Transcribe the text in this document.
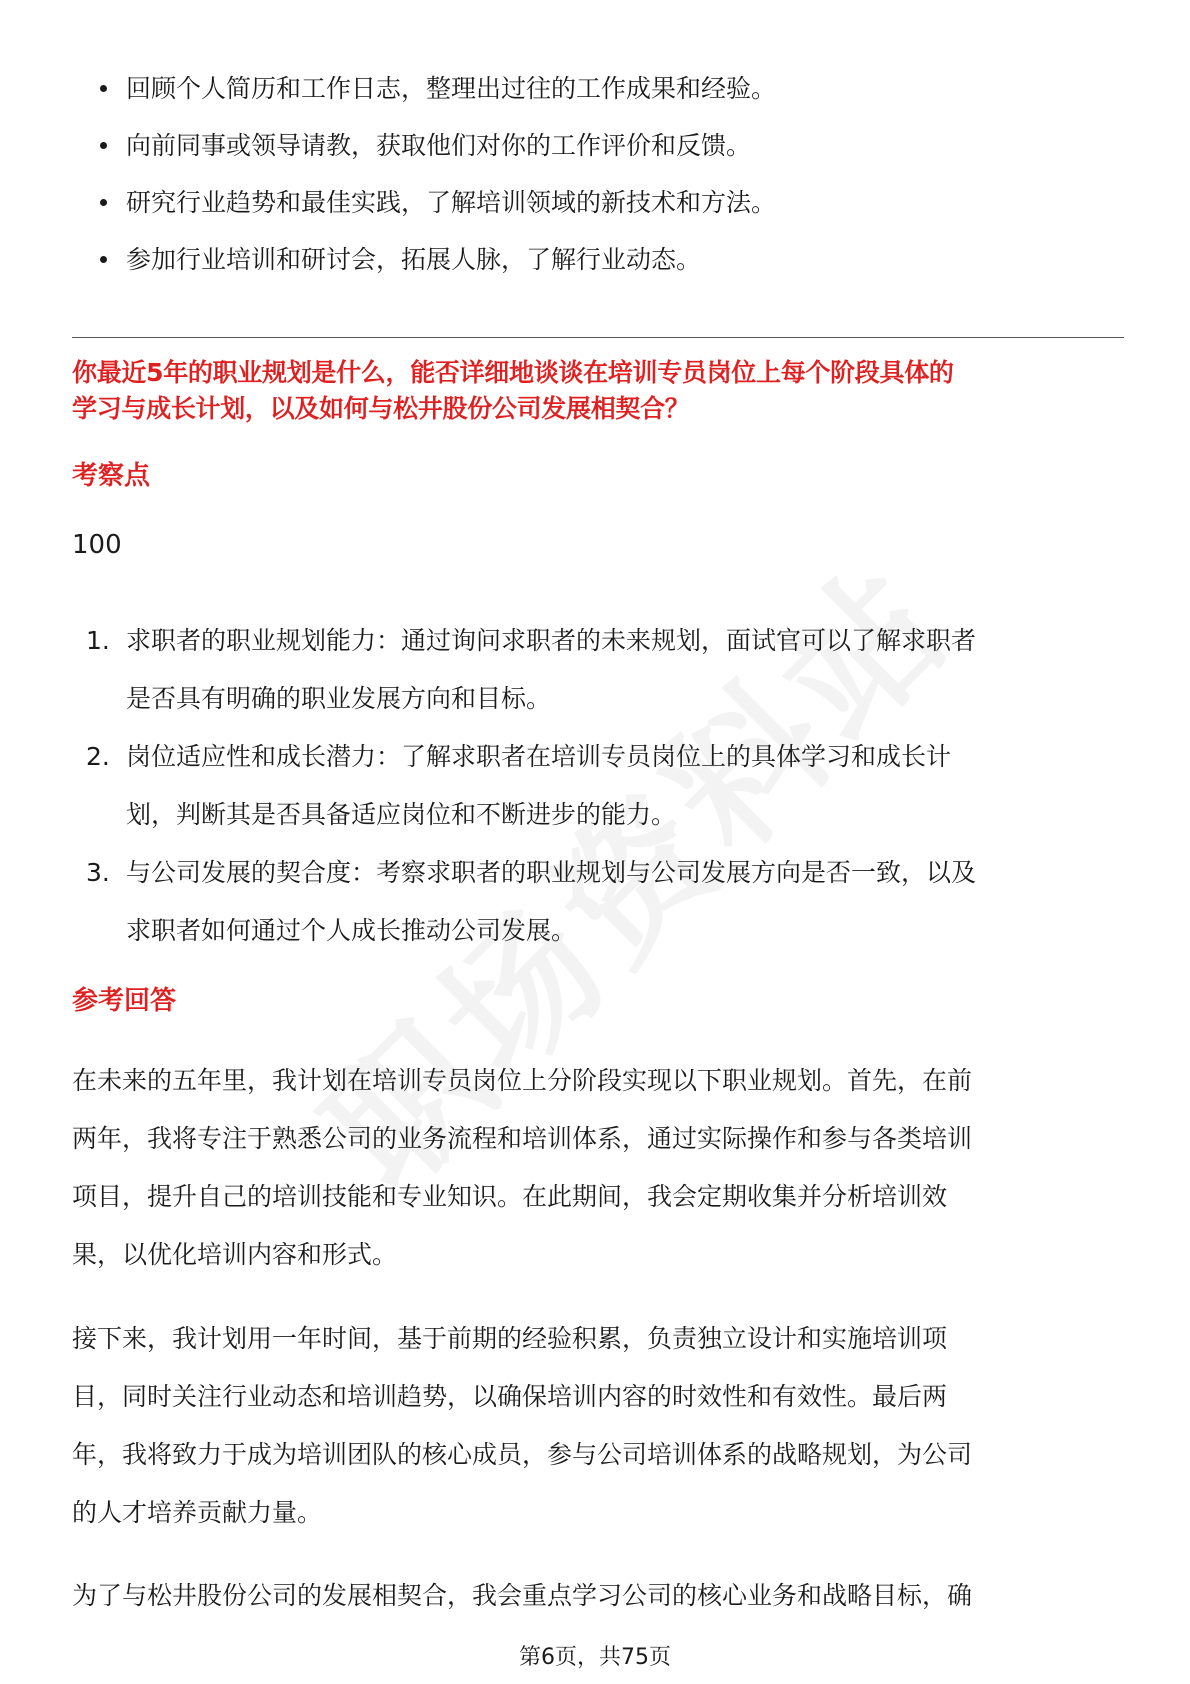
回顾个人简历和工作日志，整理出过往的工作成果和经验。
向前同事或领导请教，获取他们对你的工作评价和反馈。
研究行业趋势和最佳实践，了解培训领域的新技术和方法。
参加行业培训和研讨会，拓展人脉，了解行业动态。
你最近5年的职业规划是什么，能否详细地谈谈在培训专员岗位上每个阶段具体的
学习与成长计划，以及如何与松井股份公司发展相契合？
考察点
100
1. 求职者的职业规划能力：通过询问求职者的未来规划，面试官可以了解求职者
是否具有明确的职业发展方向和目标。
2. 岗位适应性和成长潜力：了解求职者在培训专员岗位上的具体学习和成长计
划，判断其是否具备适应岗位和不断进步的能力。
3. 与公司发展的契合度：考察求职者的职业规划与公司发展方向是否一致，以及
求职者如何通过个人成长推动公司发展。
参考回答
在未来的五年里，我计划在培训专员岗位上分阶段实现以下职业规划。首先，在前
两年，我将专注于熟悉公司的业务流程和培训体系，通过实际操作和参与各类培训
项目，提升自己的培训技能和专业知识。在此期间，我会定期收集并分析培训效
果，以优化培训内容和形式。
接下来，我计划用一年时间，基于前期的经验积累，负责独立设计和实施培训项
目，同时关注行业动态和培训趋势，以确保培训内容的时效性和有效性。最后两
年，我将致力于成为培训团队的核心成员，参与公司培训体系的战略规划，为公司
的人才培养贡献力量。
为了与松井股份公司的发展相契合，我会重点学习公司的核心业务和战略目标，确
第6页，共75页
